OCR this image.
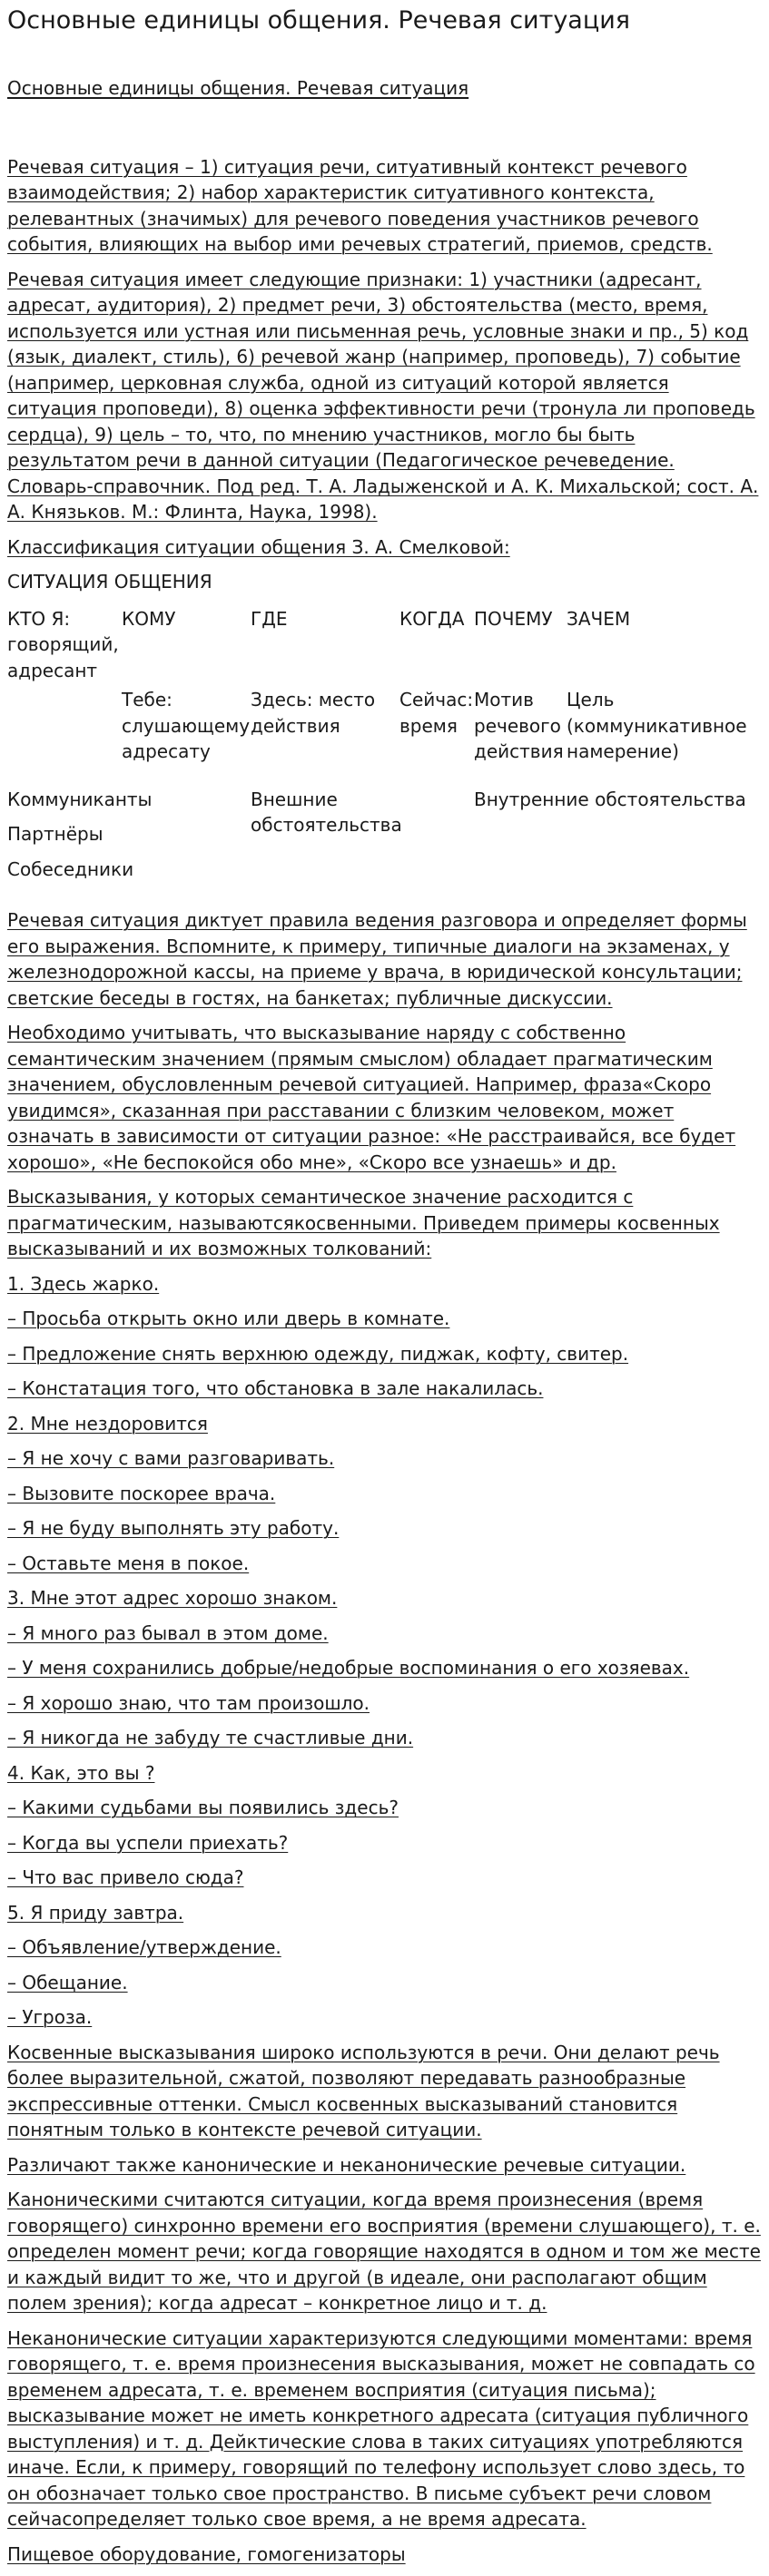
Основные единицы общения. Речевая ситуация
Основные единицы общения. Речевая ситуация

Речевая ситуация – 1) ситуация речи, ситуативный контекст речевого взаимодействия; 2) набор характеристик ситуативного контекста, релевантных (значимых) для речевого поведения участников речевого события, влияющих на выбор ими речевых стратегий, приемов, средств.

Речевая ситуация имеет следующие признаки: 1) участники (адресант, адресат, аудитория), 2) предмет речи, 3) обстоятельства (место, время, используется или устная или письменная речь, условные знаки и пр., 5) код (язык, диалект, стиль), 6) речевой жанр (например, проповедь), 7) событие (например, церковная служба, одной из ситуаций которой является ситуация проповеди), 8) оценка эффективности речи (тронула ли проповедь сердца), 9) цель – то, что, по мнению участников, могло бы быть результатом речи в данной ситуации (Педагогическое речеведение. Словарь-справочник. Под ред. Т. А. Ладыженской и А. К. Михальской; сост. А. А. Князьков. М.: Флинта, Наука, 1998).

Классификация ситуации общения З. А. Смелковой:

СИТУАЦИЯ ОБЩЕНИЯ
КТО Я: говорящий, адресант	КОМУ	ГДЕ	КОГДА	ПОЧЕМУ	ЗАЧЕМ
	Тебе: слушающему адресату	Здесь: место действия	Сейчас: время	Мотив речевого действия	Цель (коммуникативное намерение)

Коммуниканты
Партнёры
Собеседники		Внешние обстоятельства		Внутренние обстоятельства	

Речевая ситуация диктует правила ведения разговора и определяет формы его выражения. Вспомните, к примеру, типичные диалоги на экзаменах, у железнодорожной кассы, на приеме у врача, в юридической консультации; светские беседы в гостях, на банкетах; публичные дискуссии.

Необходимо учитывать, что высказывание наряду с собственно семантическим значением (прямым смыслом) обладает прагматическим значением, обусловленным речевой ситуацией. Например, фраза«Скоро увидимся», сказанная при расставании с близким человеком, может означать в зависимости от ситуации разное: «Не расстраивайся, все будет хорошо», «Не беспокойся обо мне», «Скоро все узнаешь» и др.

Высказывания, у которых семантическое значение расходится с прагматическим, называютсякосвенными. Приведем примеры косвенных высказываний и их возможных толкований:

1. Здесь жарко.

– Просьба открыть окно или дверь в комнате.

– Предложение снять верхнюю одежду, пиджак, кофту, свитер.

– Констатация того, что обстановка в зале накалилась.

2. Мне нездоровится

– Я не хочу с вами разговаривать.

– Вызовите поскорее врача.

– Я не буду выполнять эту работу.

– Оставьте меня в покое.

3. Мне этот адрес хорошо знаком.

– Я много раз бывал в этом доме.

– У меня сохранились добрые/недобрые воспоминания о его хозяевах.

– Я хорошо знаю, что там произошло.

– Я никогда не забуду те счастливые дни.

4. Как, это вы ?

– Какими судьбами вы появились здесь?

– Когда вы успели приехать?

– Что вас привело сюда?

5. Я приду завтра.

– Объявление/утверждение.

– Обещание.

– Угроза.

Косвенные высказывания широко используются в речи. Они делают речь более выразительной, сжатой, позволяют передавать разнообразные экспрессивные оттенки. Смысл косвенных высказываний становится понятным только в контексте речевой ситуации.

Различают также канонические и неканонические речевые ситуации.

Каноническими считаются ситуации, когда время произнесения (время говорящего) синхронно времени его восприятия (времени слушающего), т. е. определен момент речи; когда говорящие находятся в одном и том же месте и каждый видит то же, что и другой (в идеале, они располагают общим полем зрения); когда адресат – конкретное лицо и т. д.

Неканонические ситуации характеризуются следующими моментами: время говорящего, т. е. время произнесения высказывания, может не совпадать со временем адресата, т. е. временем восприятия (ситуация письма); высказывание может не иметь конкретного адресата (ситуация публичного выступления) и т. д. Дейктические слова в таких ситуациях употребляются иначе. Если, к примеру, говорящий по телефону использует слово здесь, то он обозначает только свое пространство. В письме субъект речи словом сейчасопределяет только свое время, а не время адресата.

Пищевое оборудование, гомогенизаторы
